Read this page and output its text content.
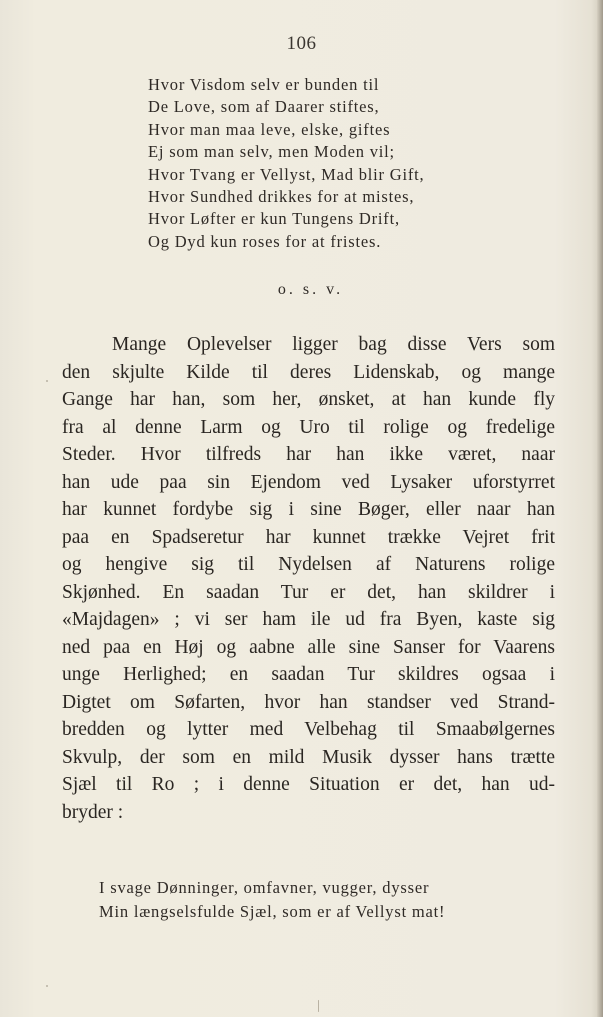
106
Hvor Visdom selv er bunden til
De Love, som af Daarer stiftes,
Hvor man maa leve, elske, giftes
Ej som man selv, men Moden vil;
Hvor Tvang er Vellyst, Mad blir Gift,
Hvor Sundhed drikkes for at mistes,
Hvor Løfter er kun Tungens Drift,
Og Dyd kun roses for at fristes.
o. s. v.
Mange Oplevelser ligger bag disse Vers som
den skjulte Kilde til deres Lidenskab, og mange
Gange har han, som her, ønsket, at han kunde fly
fra al denne Larm og Uro til rolige og fredelige
Steder. Hvor tilfreds har han ikke været, naar
han ude paa sin Ejendom ved Lysaker uforstyrret
har kunnet fordybe sig i sine Bøger, eller naar han
paa en Spadseretur har kunnet trække Vejret frit
og hengive sig til Nydelsen af Naturens rolige
Skjønhed. En saadan Tur er det, han skildrer i
«Majdagen» ; vi ser ham ile ud fra Byen, kaste sig
ned paa en Høj og aabne alle sine Sanser for Vaarens
unge Herlighed; en saadan Tur skildres ogsaa i
Digtet om Søfarten, hvor han standser ved Strand-
bredden og lytter med Velbehag til Smaabølgernes
Skvulp, der som en mild Musik dysser hans trætte
Sjæl til Ro ; i denne Situation er det, han ud-
bryder :
I svage Dønninger, omfavner, vugger, dysser
Min længselsfulde Sjæl, som er af Vellyst mat!
